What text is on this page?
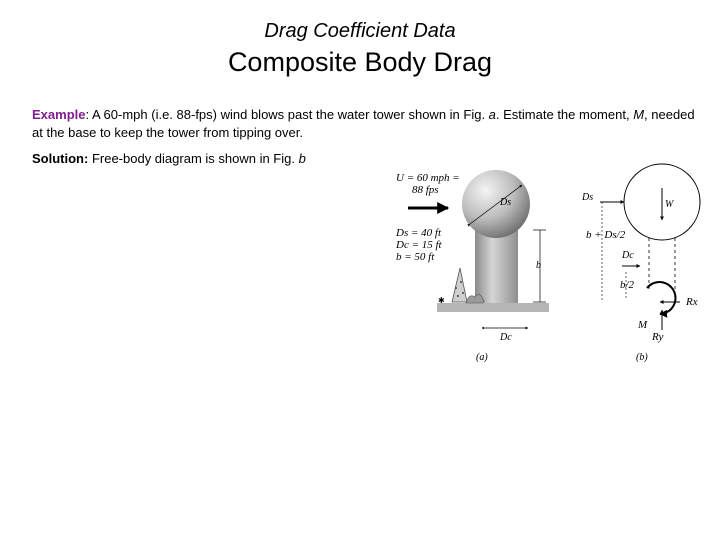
Drag Coefficient Data
Composite Body Drag
Example: A 60-mph (i.e. 88-fps) wind blows past the water tower shown in Fig. a. Estimate the moment, M, needed at the base to keep the tower from tipping over.
Solution: Free-body diagram is shown in Fig. b
✱
U = 60 mph =
88 fps
Ds
Ds = 40 ft
Dc = 15 ft
b = 50 ft
b
Dc
(a)
Ds
W
b + Ds/2
Dc
b/2
M
Rx
Ry
(b)
